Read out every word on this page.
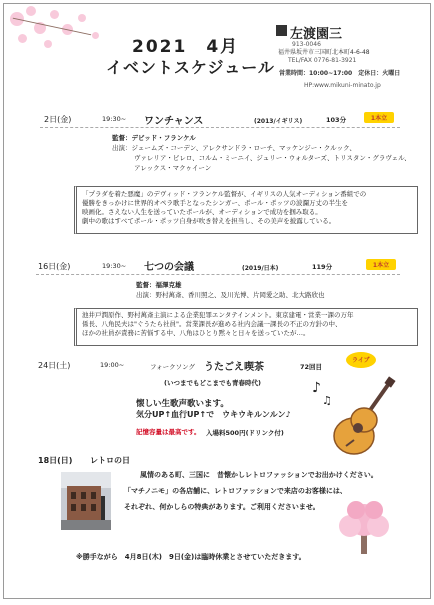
2021　 4月
イベントスケジュール
左渡園三
913-0046
福井県坂井市三国町北本町4-6-48
TEL/FAX 0776-81-3921
営業時間：10:00~17:00　定休日：火曜日
HP:www.mikuni-minato.jp
2日(金)	19:30~ ワンチャンス	(2013/イギリス)	103分	1本立
監督：デビッド・フランケル
出演：ジェームズ・コーデン、アレクサンドラ・ローチ、マッケンジー・クルック、
ヴァレリア・ビレロ、コルム・ミーニイ、ジュリー・ウォルターズ、トリスタン・グラヴェル、
アレックス・マクゥイーン
「プラダを着た悪魔」のデヴィッド・フランケル監督が、イギリスの人気オーディション番組での
優勝をきっかけに世界的オペラ歌手となったシンガー、ポール・ポッツの波瀾万丈の半生を
映画化。さえない人生を送っていたポールが、オーディションで成功を掴み取る。
劇中の歌はすべてポール・ポッツ自身が吹き替えを担当し、その美声を披露している。
16日(金)	19:30~ 七つの会議	(2019/日本)	119分	1本立
監督：福澤克雄
出演：野村萬斎、香川照之、及川光博、片岡愛之助、北大路欣也
池井戸潤原作、野村萬斎主演による企業犯罪エンタテインメント。東京建電・営業一課の万年
係長、八角民夫は"ぐうたら社員"。営業課長が進める社内会議一課長の不正の方針の中、
ほかの社員が責務に苦悩する中、八角はひとり黙々と日々を送っていたが…。
24日(土)	19:00~	フォークソング うたごえ喫茶	72回目
ライブ
(いつまでもどこまでも青春時代)
懐しい生歌声歌います。
気分UP↑血行UP↑で　ウキウキルンルン♪
記憶容量は最高です。 入場料500円(ドリンク付)
♪
♫
18日(日) レトロの日
風情のある町、三国に　昔懐かしレトロファッションでお出かけください。
「マチノニモ」の各店舗に、レトロファッションで来店のお客様には、
それぞれ、何かしらの特典があります。ご利用くださいませ。
※勝手ながら　4月8日(木)　9日(金)は臨時休業とさせていただきます。
